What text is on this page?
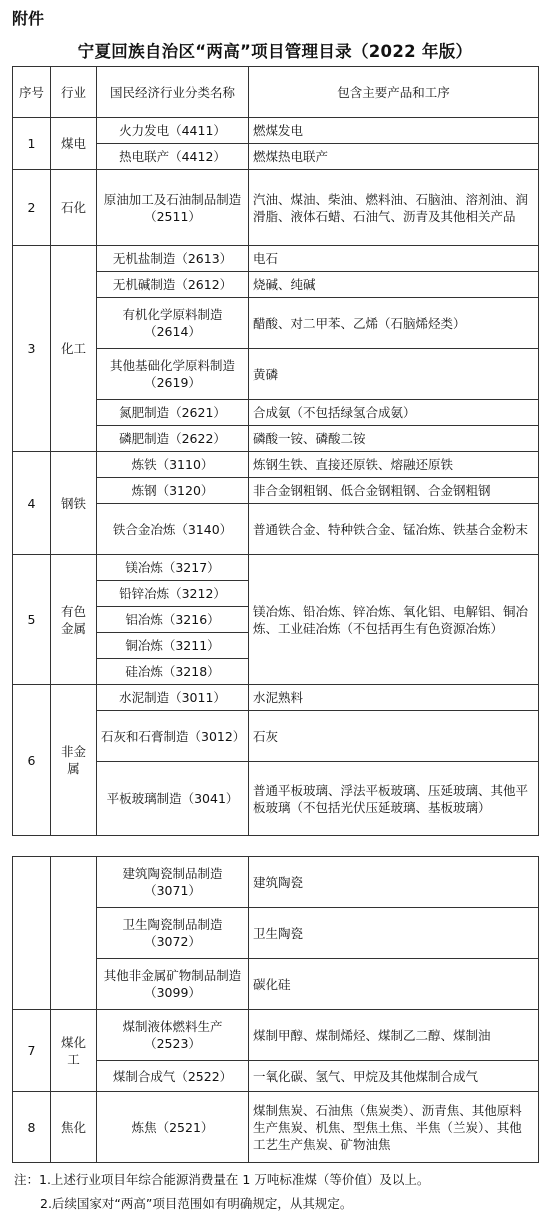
附件
宁夏回族自治区“两高”项目管理目录（2022 年版）
序号	行业	国民经济行业分类名称	包含主要产品和工序
1	煤电	火力发电（4411）	燃煤发电
		热电联产（4412）	燃煤热电联产
2	石化	原油加工及石油制品制造（2511）	汽油、煤油、柴油、燃料油、石脑油、溶剂油、润滑脂、液体石蜡、石油气、沥青及其他相关产品
3	化工	无机盐制造（2613）	电石
		无机碱制造（2612）	烧碱、纯碱
		有机化学原料制造（2614）	醋酸、对二甲苯、乙烯（石脑烯烃类）
		其他基础化学原料制造（2619）	黄磷
		氮肥制造（2621）	合成氨（不包括绿氢合成氨）
		磷肥制造（2622）	磷酸一铵、磷酸二铵
4	钢铁	炼铁（3110）	炼钢生铁、直接还原铁、熔融还原铁
		炼钢（3120）	非合金钢粗钢、低合金钢粗钢、合金钢粗钢
		铁合金冶炼（3140）	普通铁合金、特种铁合金、锰冶炼、铁基合金粉末
5	有色金属	镁冶炼（3217）	镁冶炼、铅冶炼、锌冶炼、氧化铝、电解铝、铜冶炼、工业硅冶炼（不包括再生有色资源冶炼）
		铅锌冶炼（3212）	
		铝冶炼（3216）	
		铜冶炼（3211）	
		硅冶炼（3218）	
6	非金属	水泥制造（3011）	水泥熟料
		石灰和石膏制造（3012）	石灰
		平板玻璃制造（3041）	普通平板玻璃、浮法平板玻璃、压延玻璃、其他平板玻璃（不包括光伏压延玻璃、基板玻璃）
		建筑陶瓷制品制造（3071）	建筑陶瓷
		卫生陶瓷制品制造（3072）	卫生陶瓷
		其他非金属矿物制品制造（3099）	碳化硅
7	煤化工	煤制液体燃料生产（2523）	煤制甲醇、煤制烯烃、煤制乙二醇、煤制油
		煤制合成气（2522）	一氧化碳、氢气、甲烷及其他煤制合成气
8	焦化	炼焦（2521）	煤制焦炭、石油焦（焦炭类）、沥青焦、其他原料生产焦炭、机焦、型焦土焦、半焦（兰炭）、其他工艺生产焦炭、矿物油焦
注：1.上述行业项目年综合能源消费量在 1 万吨标准煤（等价值）及以上。
2.后续国家对“两高”项目范围如有明确规定，从其规定。
